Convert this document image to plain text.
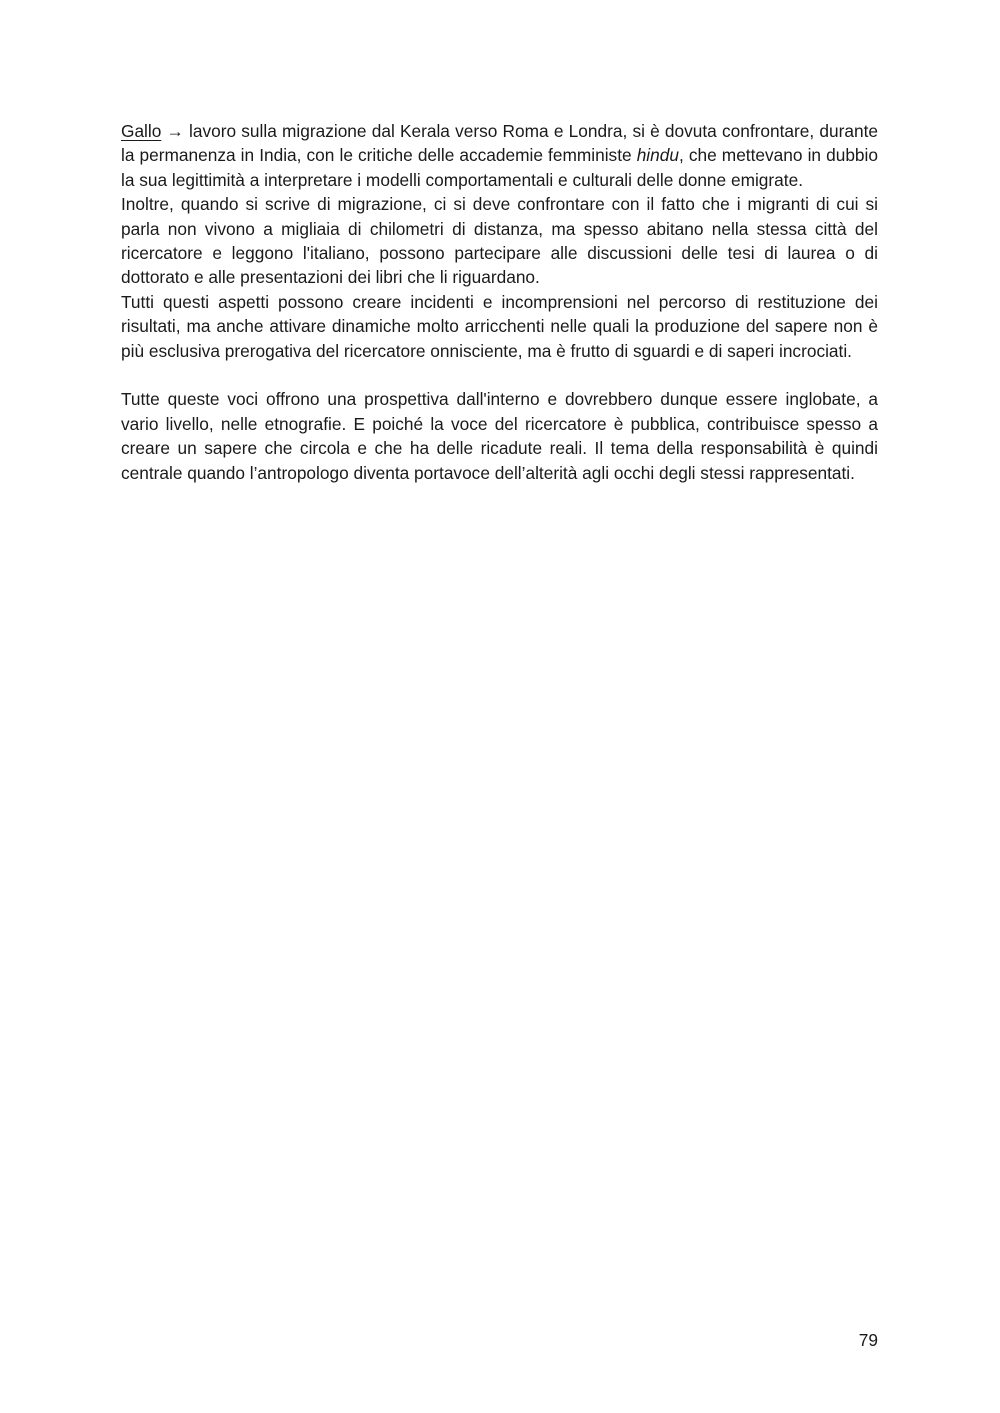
Gallo → lavoro sulla migrazione dal Kerala verso Roma e Londra, si è dovuta confrontare, durante la permanenza in India, con le critiche delle accademie femministe hindu, che mettevano in dubbio la sua legittimità a interpretare i modelli comportamentali e culturali delle donne emigrate.

Inoltre, quando si scrive di migrazione, ci si deve confrontare con il fatto che i migranti di cui si parla non vivono a migliaia di chilometri di distanza, ma spesso abitano nella stessa città del ricercatore e leggono l'italiano, possono partecipare alle discussioni delle tesi di laurea o di dottorato e alle presentazioni dei libri che li riguardano.

Tutti questi aspetti possono creare incidenti e incomprensioni nel percorso di restituzione dei risultati, ma anche attivare dinamiche molto arricchenti nelle quali la produzione del sapere non è più esclusiva prerogativa del ricercatore onnisciente, ma è frutto di sguardi e di saperi incrociati.

Tutte queste voci offrono una prospettiva dall'interno e dovrebbero dunque essere inglobate, a vario livello, nelle etnografie. E poiché la voce del ricercatore è pubblica, contribuisce spesso a creare un sapere che circola e che ha delle ricadute reali. Il tema della responsabilità è quindi centrale quando l’antropologo diventa portavoce dell’alterità agli occhi degli stessi rappresentati.

79
